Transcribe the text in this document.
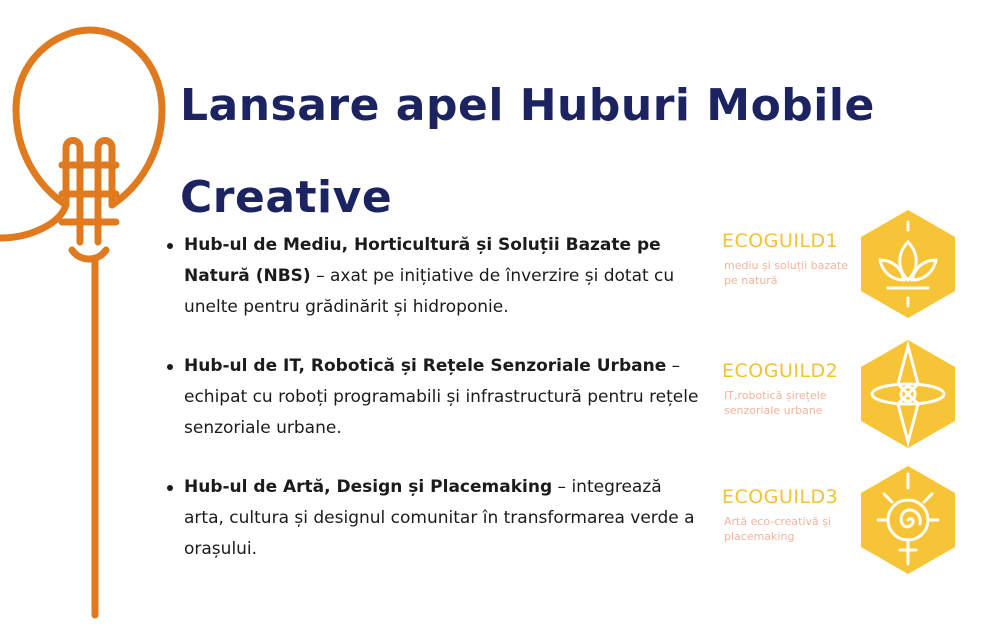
Lansare apel Huburi Mobile Creative
Hub-ul de Mediu, Horticultură și Soluții Bazate pe Natură (NBS) – axat pe inițiative de înverzire și dotat cu unelte pentru grădinărit și hidroponie.
Hub-ul de IT, Robotică și Rețele Senzoriale Urbane – echipat cu roboți programabili și infrastructură pentru rețele senzoriale urbane.
Hub-ul de Artă, Design și Placemaking – integrează arta, cultura și designul comunitar în transformarea verde a orașului.
ECOGUILD1
mediu și soluții bazate pe natură
ECOGUILD2
IT,robotică șirețele senzoriale urbane
ECOGUILD3
Artă eco-creativă și placemaking
